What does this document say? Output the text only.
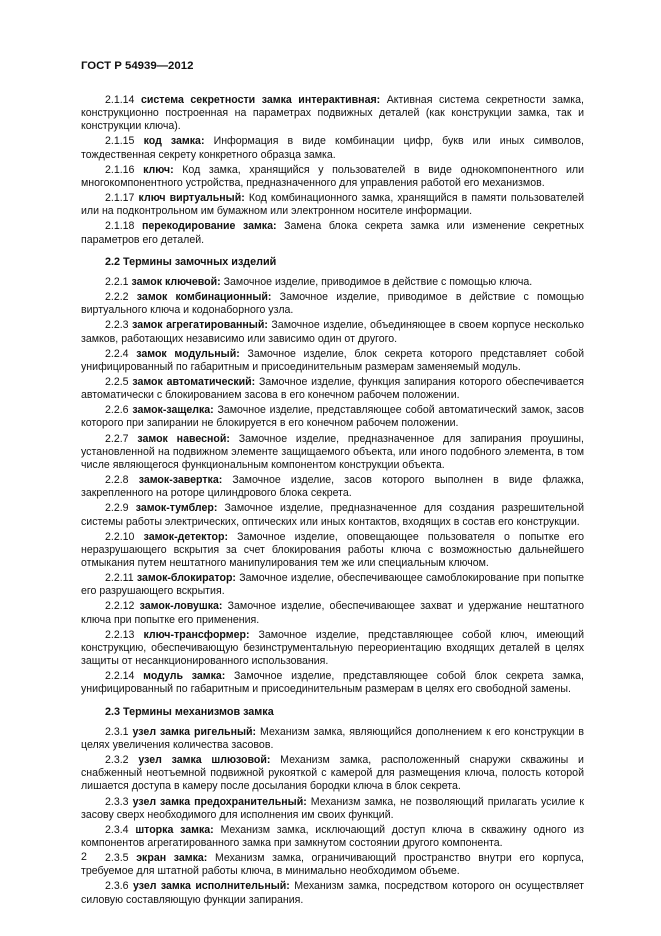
ГОСТ Р 54939—2012

2.1.14 система секретности замка интерактивная: Активная система секретности замка, конструкционно построенная на параметрах подвижных деталей (как конструкции замка, так и конструкции ключа).

2.1.15 код замка: Информация в виде комбинации цифр, букв или иных символов, тождественная секрету конкретного образца замка.

2.1.16 ключ: Код замка, хранящийся у пользователей в виде однокомпонентного или многокомпонентного устройства, предназначенного для управления работой его механизмов.

2.1.17 ключ виртуальный: Код комбинационного замка, хранящийся в памяти пользователей или на подконтрольном им бумажном или электронном носителе информации.

2.1.18 перекодирование замка: Замена блока секрета замка или изменение секретных параметров его деталей.

2.2 Термины замочных изделий

2.2.1 замок ключевой: Замочное изделие, приводимое в действие с помощью ключа.

2.2.2 замок комбинационный: Замочное изделие, приводимое в действие с помощью виртуального ключа и кодонаборного узла.

2.2.3 замок агрегатированный: Замочное изделие, объединяющее в своем корпусе несколько замков, работающих независимо или зависимо один от другого.

2.2.4 замок модульный: Замочное изделие, блок секрета которого представляет собой унифицированный по габаритным и присоединительным размерам заменяемый модуль.

2.2.5 замок автоматический: Замочное изделие, функция запирания которого обеспечивается автоматически с блокированием засова в его конечном рабочем положении.

2.2.6 замок-защелка: Замочное изделие, представляющее собой автоматический замок, засов которого при запирании не блокируется в его конечном рабочем положении.

2.2.7 замок навесной: Замочное изделие, предназначенное для запирания проушины, установленной на подвижном элементе защищаемого объекта, или иного подобного элемента, в том числе являющегося функциональным компонентом конструкции объекта.

2.2.8 замок-завертка: Замочное изделие, засов которого выполнен в виде флажка, закрепленного на роторе цилиндрового блока секрета.

2.2.9 замок-тумблер: Замочное изделие, предназначенное для создания разрешительной системы работы электрических, оптических или иных контактов, входящих в состав его конструкции.

2.2.10 замок-детектор: Замочное изделие, оповещающее пользователя о попытке его неразрушающего вскрытия за счет блокирования работы ключа с возможностью дальнейшего отмыкания путем нештатного манипулирования тем же или специальным ключом.

2.2.11 замок-блокиратор: Замочное изделие, обеспечивающее самоблокирование при попытке его разрушающего вскрытия.

2.2.12 замок-ловушка: Замочное изделие, обеспечивающее захват и удержание нештатного ключа при попытке его применения.

2.2.13 ключ-трансформер: Замочное изделие, представляющее собой ключ, имеющий конструкцию, обеспечивающую безинструментальную переориентацию входящих деталей в целях защиты от несанкционированного использования.

2.2.14 модуль замка: Замочное изделие, представляющее собой блок секрета замка, унифицированный по габаритным и присоединительным размерам в целях его свободной замены.

2.3 Термины механизмов замка

2.3.1 узел замка ригельный: Механизм замка, являющийся дополнением к его конструкции в целях увеличения количества засовов.

2.3.2 узел замка шлюзовой: Механизм замка, расположенный снаружи скважины и снабженный неотъемной подвижной рукояткой с камерой для размещения ключа, полость которой лишается доступа в камеру после досылания бородки ключа в блок секрета.

2.3.3 узел замка предохранительный: Механизм замка, не позволяющий прилагать усилие к засову сверх необходимого для исполнения им своих функций.

2.3.4 шторка замка: Механизм замка, исключающий доступ ключа в скважину одного из компонентов агрегатированного замка при замкнутом состоянии другого компонента.

2.3.5 экран замка: Механизм замка, ограничивающий пространство внутри его корпуса, требуемое для штатной работы ключа, в минимально необходимом объеме.

2.3.6 узел замка исполнительный: Механизм замка, посредством которого он осуществляет силовую составляющую функции запирания.

2
